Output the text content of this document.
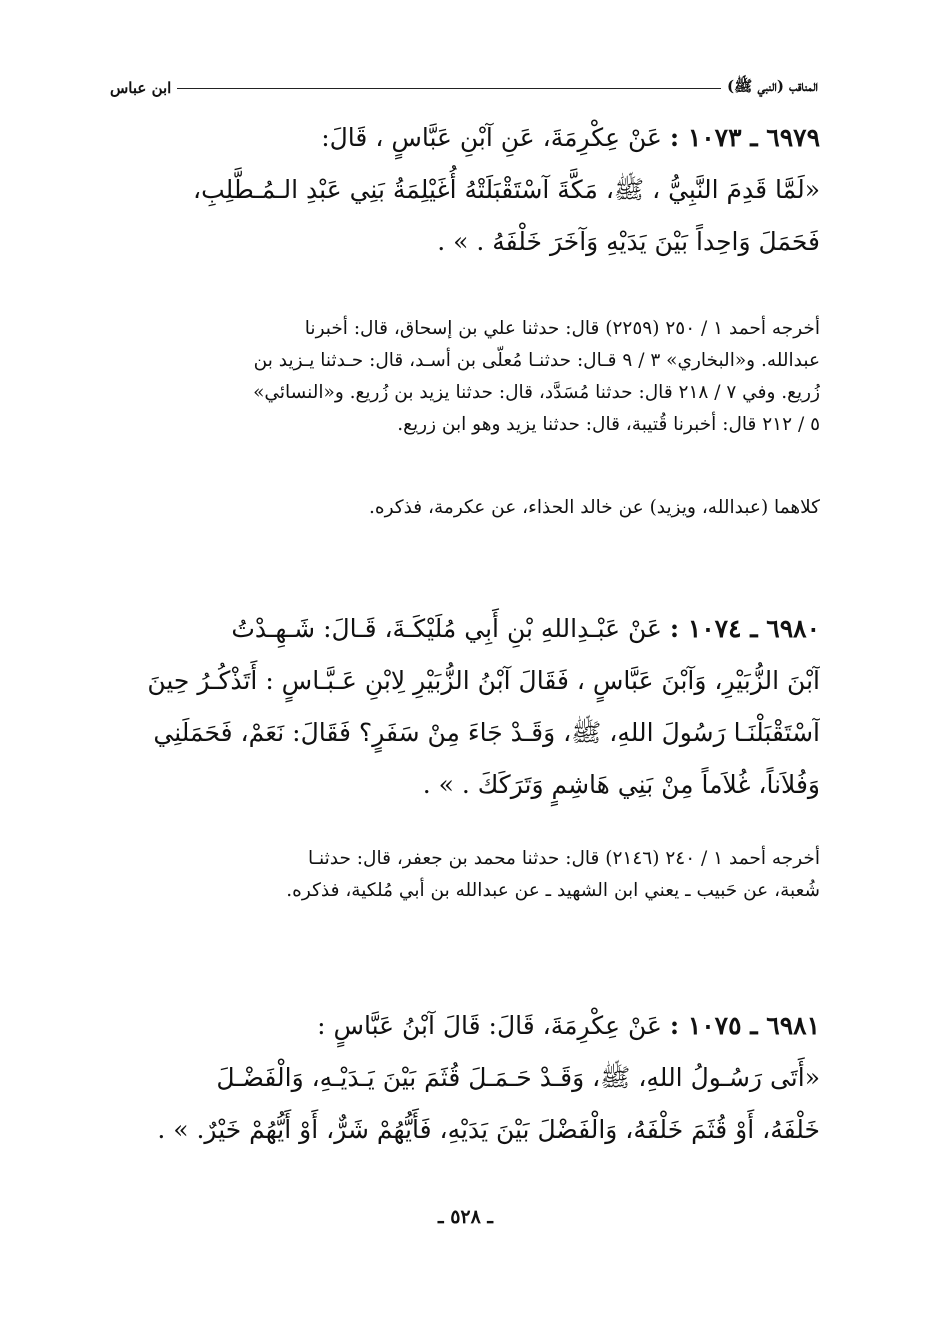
المناقب (النبي ﷺ)
ابن عباس
٦٩٧٩ ـ ١٠٧٣ : عَنْ عِكْرِمَةَ، عَنِ آبْنِ عَبَّاسٍ ، قَالَ:
«لَمَّا قَدِمَ النَّبِيُّ ، ﷺ، مَكَّةَ آسْتَقْبَلَتْهُ أُغَيْلِمَةُ بَنِي عَبْدِ الـمُـطَّلِبِ،
فَحَمَلَ وَاحِداً بَيْنَ يَدَيْهِ وَآخَرَ خَلْفَهُ . » .
أخرجه أحمد ١ / ٢٥٠ (٢٢٥٩) قال: حدثنا علي بن إسحاق، قال: أخبرنا
عبدالله. و«البخاري» ٣ / ٩ قـال: حدثنـا مُعلّى بن أسـد، قال: حـدثنا يـزيد بن
زُريع. وفي ٧ / ٢١٨ قال: حدثنا مُسَدَّد، قال: حدثنا يزيد بن زُريع. و«النسائي»
٥ / ٢١٢ قال: أخبرنا قُتيبة، قال: حدثنا يزيد وهو ابن زريع.
كلاهما (عبدالله، ويزيد) عن خالد الحذاء، عن عكرمة، فذكره.
٦٩٨٠ ـ ١٠٧٤ : عَنْ عَبْـدِاللهِ بْنِ أَبِي مُلَيْكَـةَ، قَـالَ: شَـهِـدْتُ
آبْنَ الزُّبَيْرِ، وَآبْنَ عَبَّاسٍ ، فَقَالَ آبْنُ الزُّبَيْرِ لِابْنِ عَـبَّـاسٍ : أَتَذْكُـرُ حِينَ
آسْتَقْبَلْنَـا رَسُولَ اللهِ، ﷺ، وَقَـدْ جَاءَ مِنْ سَفَرٍ؟ فَقَالَ: نَعَمْ، فَحَمَلَنِي
وَفُلاَناً، غُلاَماً مِنْ بَنِي هَاشِمٍ وَتَرَكَكَ . » .
أخرجه أحمد ١ / ٢٤٠ (٢١٤٦) قال: حدثنا محمد بن جعفر، قال: حدثنـا
شُعبة، عن حَبيب ـ يعني ابن الشهيد ـ عن عبدالله بن أبي مُلكية، فذكره.
٦٩٨١ ـ ١٠٧٥ : عَنْ عِكْرِمَةَ، قَالَ: قَالَ آبْنُ عَبَّاسٍ :
«أَتَى رَسُـولُ اللهِ، ﷺ، وَقَـدْ حَـمَـلَ قُثَمَ بَيْنَ يَـدَيْـهِ، وَالْفَضْـلَ
خَلْفَهُ، أَوْ قُثَمَ خَلْفَهُ، وَالْفَضْلَ بَيْنَ يَدَيْهِ، فَأَيُّهُمْ شَرٌّ، أَوْ أَيُّهُمْ خَيْرٌ. » .
ـ ٥٢٨ ـ
